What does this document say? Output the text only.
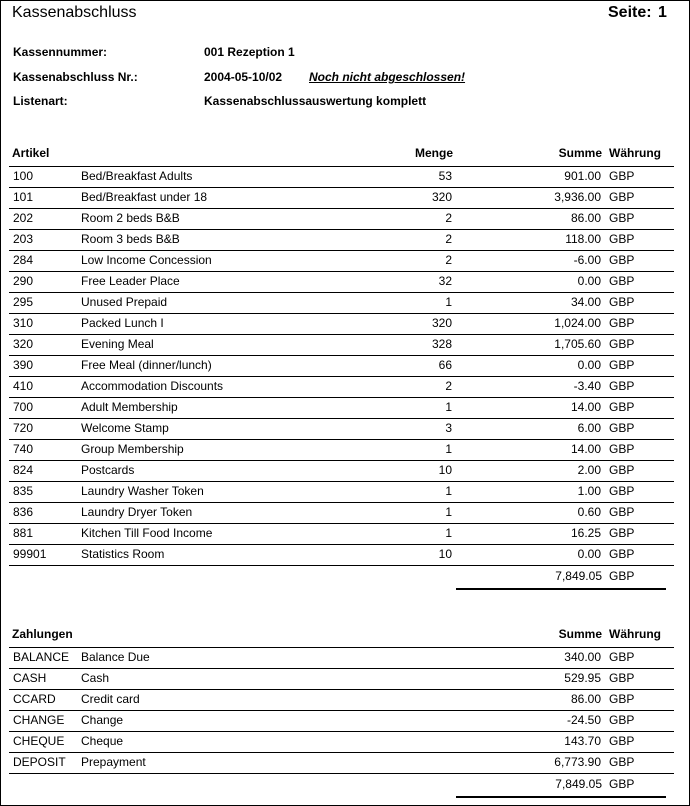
Kassenabschluss	Seite: 1
Kassennummer:	001 Rezeption 1
Kassenabschluss Nr.:	2004-05-10/02 Noch nicht abgeschlossen!
Listenart:	Kassenabschlussauswertung komplett
Artikel	Menge	Summe Währung
100	Bed/Breakfast Adults	53	901.00 GBP
101	Bed/Breakfast under 18	320	3,936.00 GBP
202	Room 2 beds B&B	2	86.00 GBP
203	Room 3 beds B&B	2	118.00 GBP
284	Low Income Concession	2	-6.00 GBP
290	Free Leader Place	32	0.00 GBP
295	Unused Prepaid	1	34.00 GBP
310	Packed Lunch I	320	1,024.00 GBP
320	Evening Meal	328	1,705.60 GBP
390	Free Meal (dinner/lunch)	66	0.00 GBP
410	Accommodation Discounts	2	-3.40 GBP
700	Adult Membership	1	14.00 GBP
720	Welcome Stamp	3	6.00 GBP
740	Group Membership	1	14.00 GBP
824	Postcards	10	2.00 GBP
835	Laundry Washer Token	1	1.00 GBP
836	Laundry Dryer Token	1	0.60 GBP
881	Kitchen Till Food Income	1	16.25 GBP
99901	Statistics Room	10	0.00 GBP
7,849.05 GBP
Zahlungen	Summe Währung
BALANCE Balance Due	340.00 GBP
CASH	Cash	529.95 GBP
CCARD Credit card	86.00 GBP
CHANGE Change	-24.50 GBP
CHEQUE Cheque	143.70 GBP
DEPOSIT Prepayment	6,773.90 GBP
7,849.05 GBP
